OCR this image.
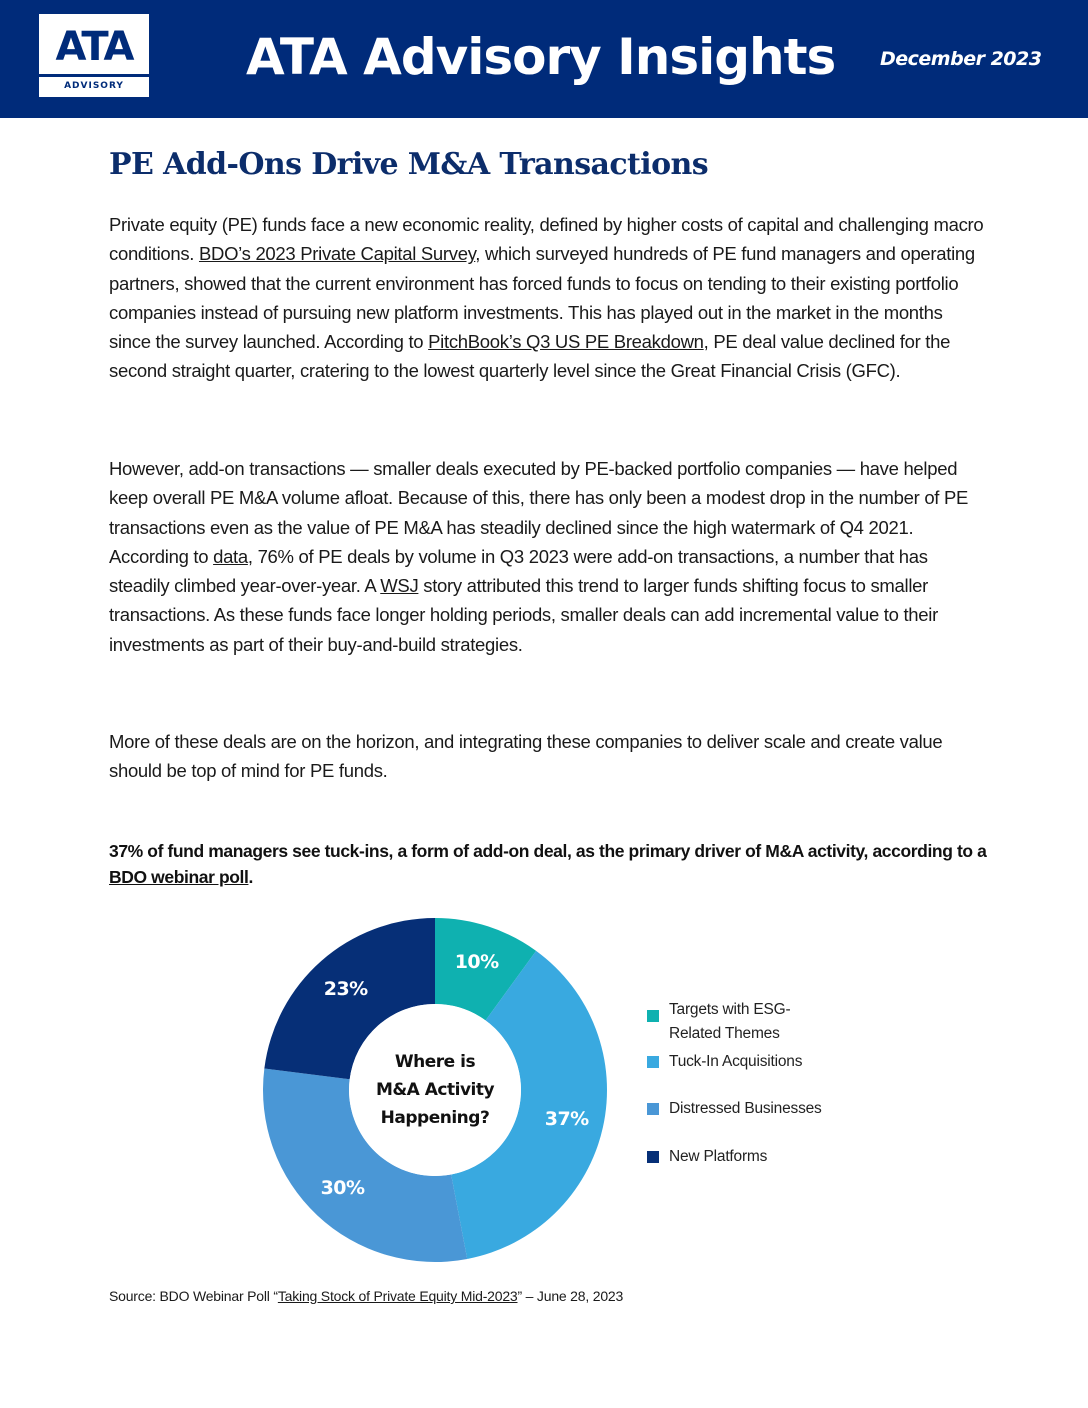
ATA
ADVISORY	ATA Advisory Insights December 2023
PE Add-Ons Drive M&A Transactions

Private equity (PE) funds face a new economic reality, defined by higher costs of capital and challenging macro conditions. BDO’s 2023 Private Capital Survey, which surveyed hundreds of PE fund managers and operating partners, showed that the current environment has forced funds to focus on tending to their existing portfolio companies instead of pursuing new platform investments. This has played out in the market in the months since the survey launched. According to PitchBook’s Q3 US PE Breakdown, PE deal value declined for the second straight quarter, cratering to the lowest quarterly level since the Great Financial Crisis (GFC).

However, add-on transactions — smaller deals executed by PE-backed portfolio companies — have helped keep overall PE M&A volume afloat. Because of this, there has only been a modest drop in the number of PE transactions even as the value of PE M&A has steadily declined since the high watermark of Q4 2021. According to data, 76% of PE deals by volume in Q3 2023 were add-on transactions, a number that has steadily climbed year-over-year. A WSJ story attributed this trend to larger funds shifting focus to smaller transactions. As these funds face longer holding periods, smaller deals can add incremental value to their investments as part of their buy-and-build strategies.

More of these deals are on the horizon, and integrating these companies to deliver scale and create value should be top of mind for PE funds.

37% of fund managers see tuck-ins, a form of add-on deal, as the primary driver of M&A activity, according to a BDO webinar poll.

10%
37%
30%
23%
Where is
M&A Activity
Happening?
Targets with ESG-
Related Themes
Tuck-In Acquisitions
Distressed Businesses
New Platforms

Source: BDO Webinar Poll “Taking Stock of Private Equity Mid-2023” – June 28, 2023
